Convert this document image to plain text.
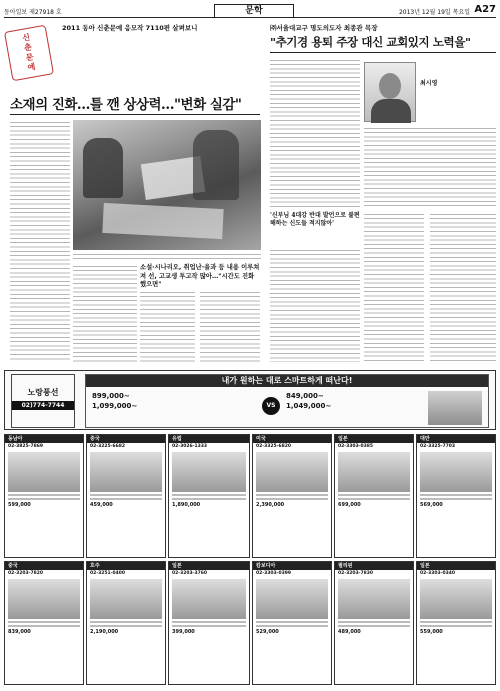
동아일보 제27918 호	문학	2013년 12월 19일 목요일 A27
2011 동아 신춘문예 응모작 7110편 살펴보니
신
춘
문
예
소재의 진화…틀 깬 상상력…"변화 실감"
소설·시나리오, 취업난·을과 등 내용 이루쳐져 선, 고교생 투고작 많아…"시간도 진화했으면"
㈜서울대교구 명도의도자 최종관 목장
"추기경 용퇴 주장 대신 교회있지 노력을"
최시영
'신부님 4대강 반대 발언으로 불편해하는 신도들 적지않아'
노랑풍선
02)774-7744
내가 원하는 대로 스마트하게 떠난다!
899,000~
1,099,000~	VS
849,000~
1,049,000~
동남아
02-3825-7869
599,000
중국
02-3225-6682
459,000
유럽
02-3026-1333
1,890,000
미국
02-3325-6820
2,390,000
일본
02-3303-0385
699,000
대만
02-3325-7703
569,000
중국
02-3203-7820
839,000
호주
02-3251-0400
2,190,000
일본
02-3203-3760
399,000
캄보디아
02-3303-0399
529,000
필리핀
02-3203-7830
489,000
일본
02-3303-0340
559,000
